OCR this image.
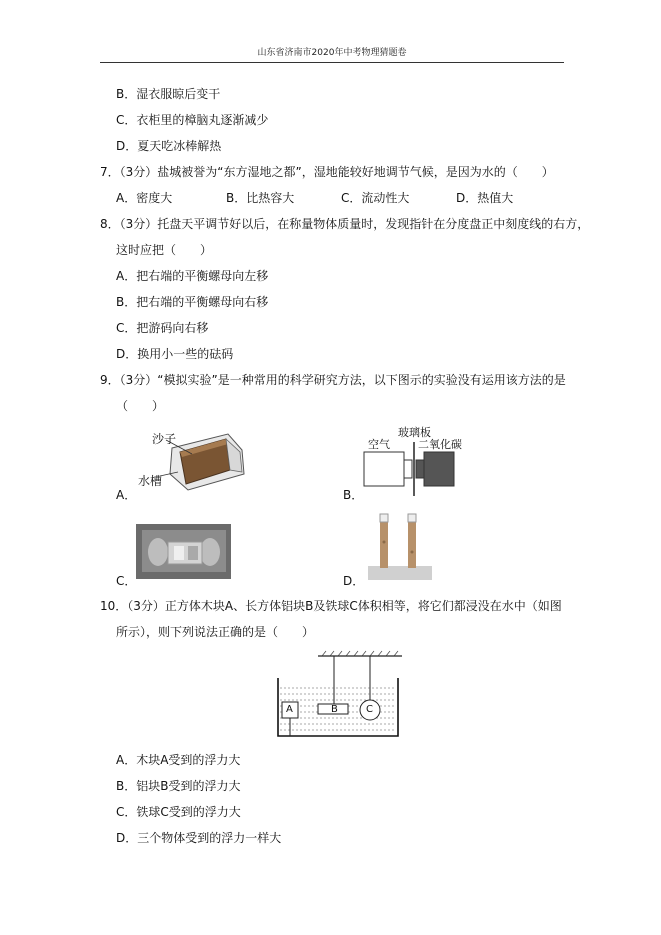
山东省济南市2020年中考物理猜题卷
B．湿衣服晾后变干
C．衣柜里的樟脑丸逐渐减少
D．夏天吃冰棒解热
7．（3分）盐城被誉为“东方湿地之都”，湿地能较好地调节气候，是因为水的（　　）
A．密度大	B．比热容大	C．流动性大	D．热值大
8．（3分）托盘天平调节好以后，在称量物体质量时，发现指针在分度盘正中刻度线的右方，
这时应把（　　）
A．把右端的平衡螺母向左移
B．把右端的平衡螺母向右移
C．把游码向右移
D．换用小一些的砝码
9．（3分）“模拟实验”是一种常用的科学研究方法，以下图示的实验没有运用该方法的是
（　　）
沙子
水槽
A．
玻璃板
空气	二氧化碳
B．
C．	D．
10．（3分）正方体木块A、长方体铝块B及铁球C体积相等，将它们都浸没在水中（如图
所示），则下列说法正确的是（　　）
A	B	C
A．木块A受到的浮力大
B．铝块B受到的浮力大
C．铁球C受到的浮力大
D．三个物体受到的浮力一样大
